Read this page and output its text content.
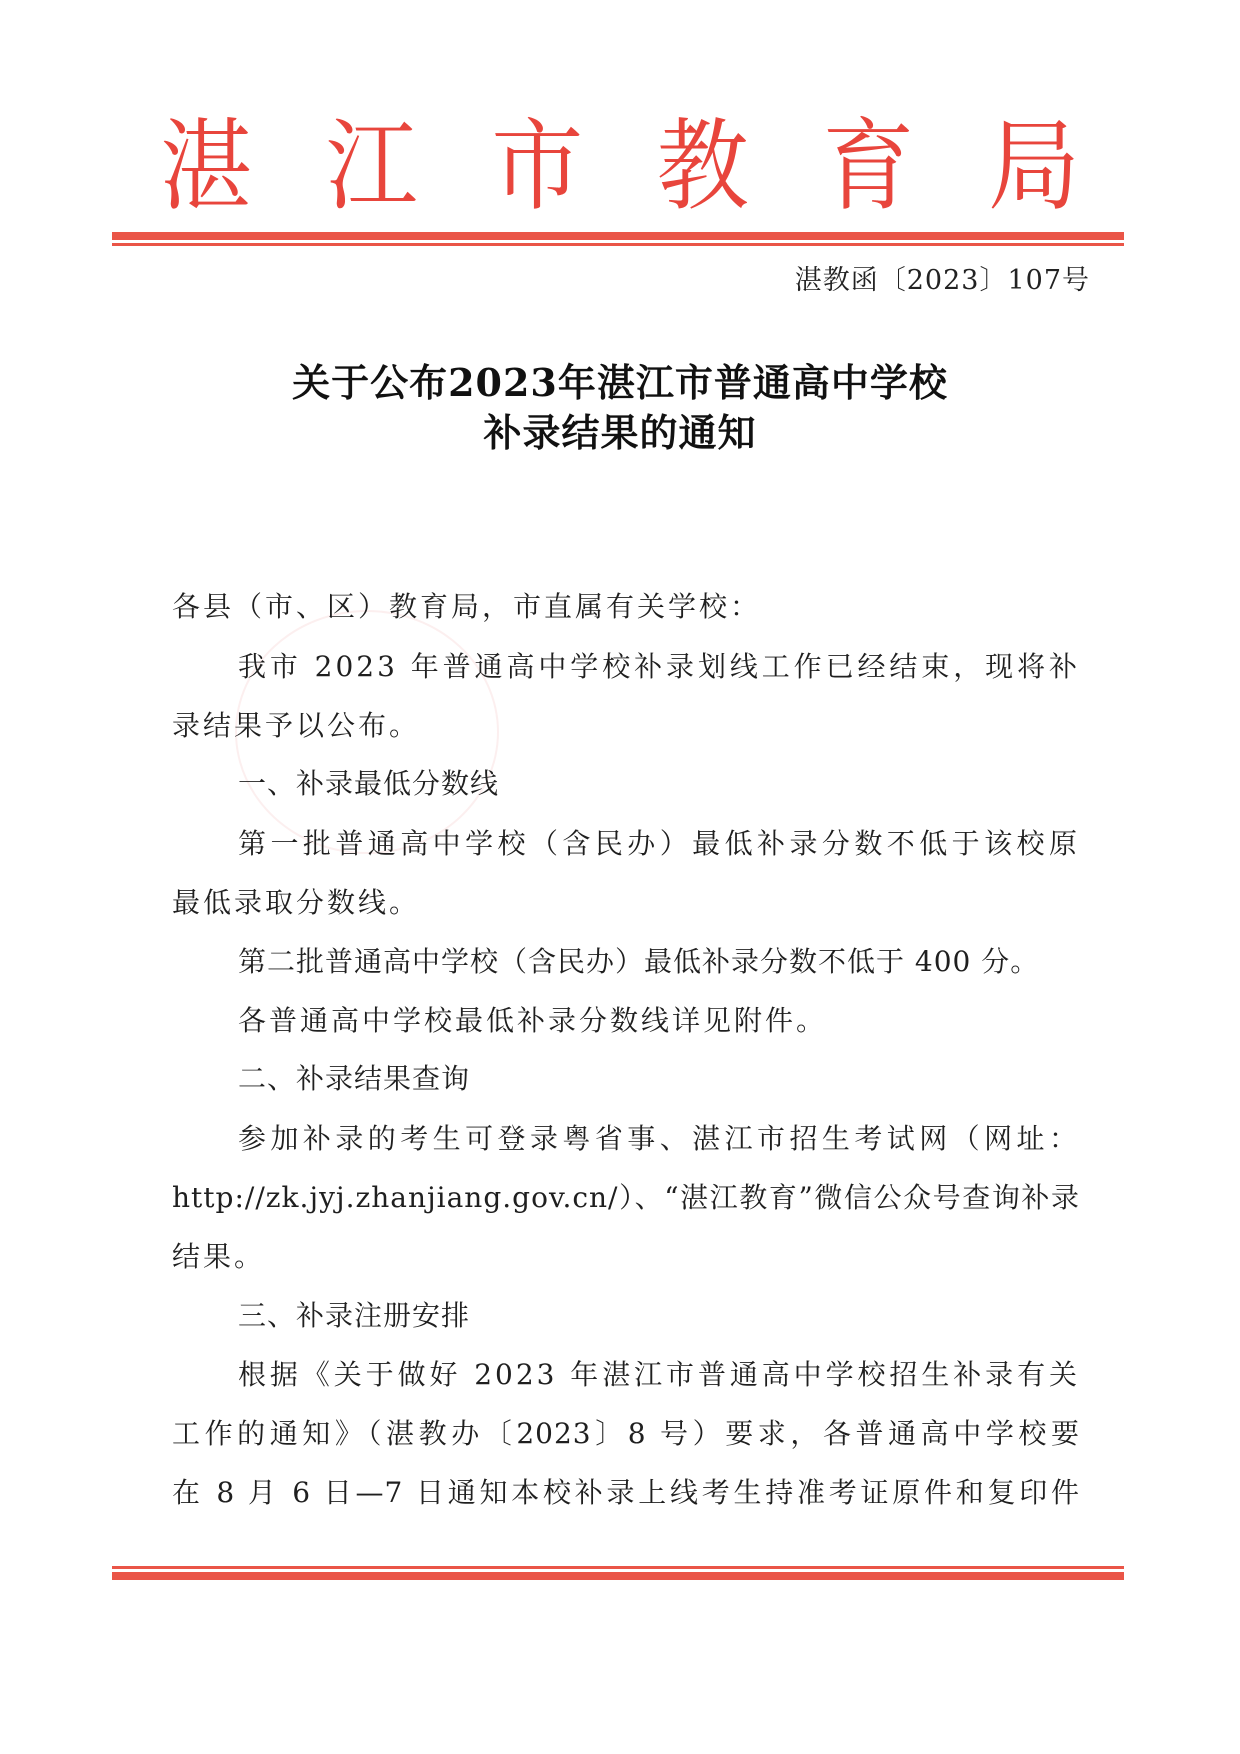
湛 江 市 教 育 局
湛教函〔2023〕107号
关于公布2023年湛江市普通高中学校
补录结果的通知
各县（市、区）教育局，市直属有关学校：
我市 2023 年普通高中学校补录划线工作已经结束，现将补
录结果予以公布。
一、补录最低分数线
第一批普通高中学校（含民办）最低补录分数不低于该校原
最低录取分数线。
第二批普通高中学校（含民办）最低补录分数不低于 400 分。
各普通高中学校最低补录分数线详见附件。
二、补录结果查询
参加补录的考生可登录粤省事、湛江市招生考试网（网址：
http://zk.jyj.zhanjiang.gov.cn/）、“湛江教育”微信公众号查询补录
结果。
三、补录注册安排
根据《关于做好 2023 年湛江市普通高中学校招生补录有关
工作的通知》（湛教办〔2023〕8 号）要求，各普通高中学校要
在 8 月 6 日—7 日通知本校补录上线考生持准考证原件和复印件
